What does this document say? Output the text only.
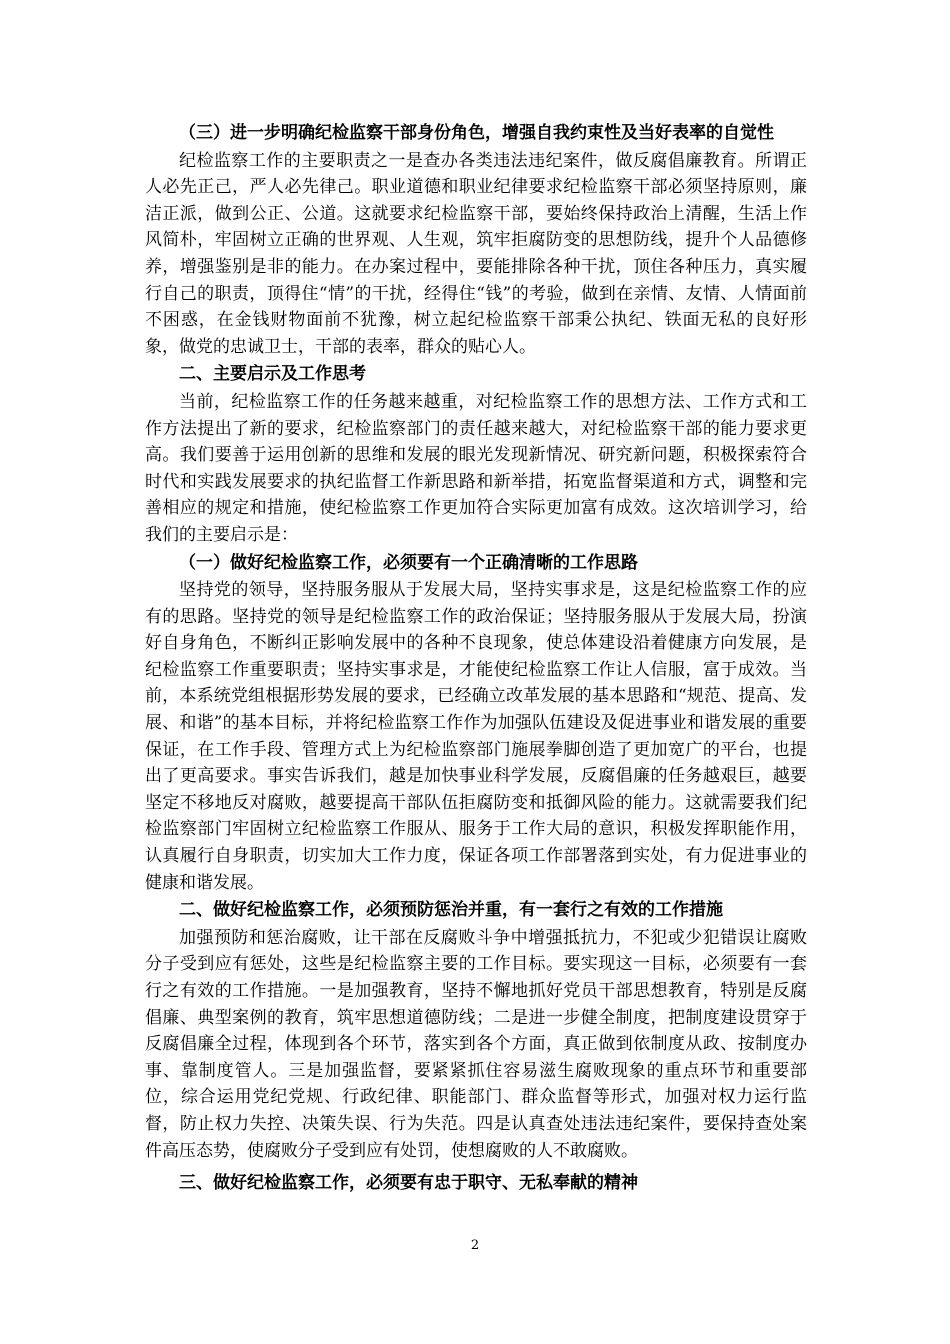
（三）进一步明确纪检监察干部身份角色，增强自我约束性及当好表率的自觉性

纪检监察工作的主要职责之一是查办各类违法违纪案件，做反腐倡廉教育。所谓正人必先正己，严人必先律己。职业道德和职业纪律要求纪检监察干部必须坚持原则，廉洁正派，做到公正、公道。这就要求纪检监察干部，要始终保持政治上清醒，生活上作风简朴，牢固树立正确的世界观、人生观，筑牢拒腐防变的思想防线，提升个人品德修养，增强鉴别是非的能力。在办案过程中，要能排除各种干扰，顶住各种压力，真实履行自己的职责，顶得住“情”的干扰，经得住“钱”的考验，做到在亲情、友情、人情面前不困惑，在金钱财物面前不犹豫，树立起纪检监察干部秉公执纪、铁面无私的良好形象，做党的忠诚卫士，干部的表率，群众的贴心人。

二、主要启示及工作思考

当前，纪检监察工作的任务越来越重，对纪检监察工作的思想方法、工作方式和工作方法提出了新的要求，纪检监察部门的责任越来越大，对纪检监察干部的能力要求更高。我们要善于运用创新的思维和发展的眼光发现新情况、研究新问题，积极探索符合时代和实践发展要求的执纪监督工作新思路和新举措，拓宽监督渠道和方式，调整和完善相应的规定和措施，使纪检监察工作更加符合实际更加富有成效。这次培训学习，给我们的主要启示是：

（一）做好纪检监察工作，必须要有一个正确清晰的工作思路

坚持党的领导，坚持服务服从于发展大局，坚持实事求是，这是纪检监察工作的应有的思路。坚持党的领导是纪检监察工作的政治保证；坚持服务服从于发展大局，扮演好自身角色，不断纠正影响发展中的各种不良现象，使总体建设沿着健康方向发展，是纪检监察工作重要职责；坚持实事求是，才能使纪检监察工作让人信服，富于成效。当前，本系统党组根据形势发展的要求，已经确立改革发展的基本思路和“规范、提高、发展、和谐”的基本目标，并将纪检监察工作作为加强队伍建设及促进事业和谐发展的重要保证，在工作手段、管理方式上为纪检监察部门施展拳脚创造了更加宽广的平台，也提出了更高要求。事实告诉我们，越是加快事业科学发展，反腐倡廉的任务越艰巨，越要坚定不移地反对腐败，越要提高干部队伍拒腐防变和抵御风险的能力。这就需要我们纪检监察部门牢固树立纪检监察工作服从、服务于工作大局的意识，积极发挥职能作用，认真履行自身职责，切实加大工作力度，保证各项工作部署落到实处，有力促进事业的健康和谐发展。

二、做好纪检监察工作，必须预防惩治并重，有一套行之有效的工作措施

加强预防和惩治腐败，让干部在反腐败斗争中增强抵抗力，不犯或少犯错误让腐败分子受到应有惩处，这些是纪检监察主要的工作目标。要实现这一目标，必须要有一套行之有效的工作措施。一是加强教育，坚持不懈地抓好党员干部思想教育，特别是反腐倡廉、典型案例的教育，筑牢思想道德防线；二是进一步健全制度，把制度建设贯穿于反腐倡廉全过程，体现到各个环节，落实到各个方面，真正做到依制度从政、按制度办事、靠制度管人。三是加强监督，要紧紧抓住容易滋生腐败现象的重点环节和重要部位，综合运用党纪党规、行政纪律、职能部门、群众监督等形式，加强对权力运行监督，防止权力失控、决策失误、行为失范。四是认真查处违法违纪案件，要保持查处案件高压态势，使腐败分子受到应有处罚，使想腐败的人不敢腐败。

三、做好纪检监察工作，必须要有忠于职守、无私奉献的精神

2
